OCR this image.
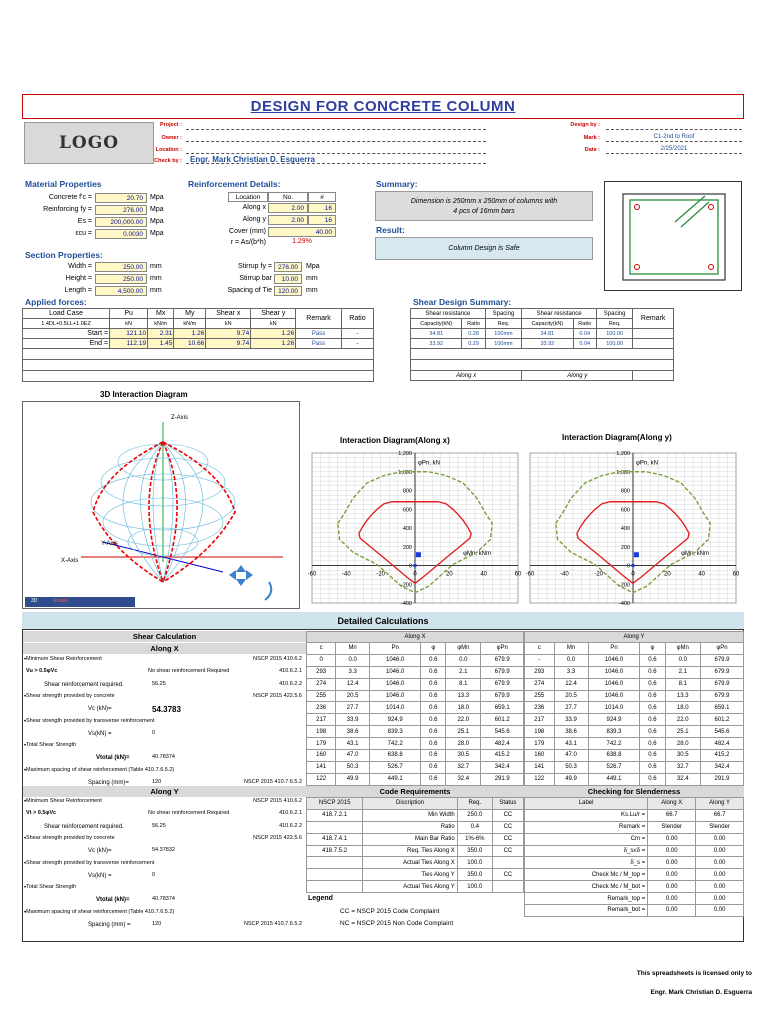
DESIGN FOR CONCRETE COLUMN
LOGO
Project :
Owner :
Location :
Check by : Engr. Mark Christian D. Esguerra
Design by :
Mark :	C1-2nd to Roof
Date :	2/25/2021
Material Properties
Concrete f'c =	20.70	Mpa
Reinforcing fy =	276.00	Mpa
Es =	200,000.00	Mpa
εcu =	0.0030	Mpa
Reinforcement Details:
Location	No.	#
Along x	2.00	16
Along y	2.00	16
Cover (mm)	40.00
r = As/(b*h)	1.29%
Summary:
Dimension is 250mm x 250mm of columns with
4 pcs of 16mm bars
Result:
Column Design is Safe
Section Properties:
Width =	250.00	mm
Height =	250.00	mm
Length =	4,500.00	mm
Stirrup fy = 276.00	Mpa
Stirrup bar	10.00	mm
Spacing of Tie 120.00	mm
Applied forces:
Load Case	Pu	Mx	My	Shear x	Shear y	Remark	Ratio
1.4DL+0.5LL+1.0EZ	kN	kN/m	kN/m	kN	kN		
Start =	121.10	2.31	1.26	9.74	1.26	Pass	-
End =	112.19	1.45	10.66	9.74	1.26	Pass	-

Shear Design Summary:
Shear resistance		Spacing	Shear resistance		Spacing	Remark
Capacity(kN)	Ratio	Req.	Capacity(kN)	Ratio	Req.	
34.81	0.28	100mm	34.81	0.04	100.00	
33.92	0.29	100mm	33.92	0.04	100.00	

Along x			Along y			
3D Interaction Diagram
Z-Axis
Y-Axis
X-Axis
3D	Rotate
Interaction Diagram(Along x)	Interaction Diagram(Along y)
-60	-40	-20	0	20	40	60
-400
-200
0
200
400
600
800
1,000
1,200
φPn, kN
φMn, kNm
-60	-40	-20	0	20	40	60
-400
-200
0
200
400
600
800
1,000
1,200
φPn, kN
φMn, kNm
Detailed Calculations
Shear Calculation
Along X
• Minimum Shear Reinforcement	NSCP 2015 410.6.2
Vu > 0.5φVc	No shear reinforcement Required	410.6.2.1
Shear reinforcement required.	56.25	410.6.2.2
• Shear strength provided by concrete	NSCP 2015 422.5.6
Vc (kN)=	54.3783
• Shear strength provided by transverse reinforcement
Vs(kN) =	0
• Total Shear Strength
Vtotal (kN)=	40.78374
• Maximum spacing of shear reinforcement (Table 410.7.6.5.2)
Spacing (mm)=	120	NSCP 2015 410.7.6.5.2
Along Y
• Minimum Shear Reinforcement	NSCP 2015 410.6.2
Vt > 0.5φVc	No shear reinforcement Required	410.6.2.1
Shear reinforcement required.	56.25	410.6.2.2
• Shear strength provided by concrete	NSCP 2015 422.5.6
Vc (kN)=	54.37832
• Shear strength provided by transverse reinforcement
Vs(kN) =	0
• Total Shear Strength
Vtotal (kN)=	40.78374
• Maximum spacing of shear reinforcement (Table 410.7.6.5.2)
Spacing (mm) =	120	NSCP 2015 410.7.6.5.2
Along X					
c	Mn	Pn	φ	φMn	φPn
0	0.0	1046.0	0.6	0.0	679.9
293	3.3	1046.0	0.6	2.1	679.9
274	12.4	1046.0	0.6	8.1	679.9
255	20.5	1046.0	0.6	13.3	679.9
236	27.7	1014.0	0.6	18.0	659.1
217	33.9	924.9	0.6	22.0	601.2
198	38.6	839.3	0.6	25.1	545.6
179	43.1	742.2	0.6	28.0	482.4
160	47.0	638.8	0.6	30.5	415.2
141	50.3	526.7	0.6	32.7	342.4
122	49.9	449.1	0.6	32.4	291.9
Along Y					
c	Mn	Pn	φ	φMn	φPn
-	0.0	1046.0	0.6	0.0	679.9
293	3.3	1046.0	0.6	2.1	679.9
274	12.4	1046.0	0.6	8.1	679.9
255	20.5	1046.0	0.6	13.3	679.9
236	27.7	1014.0	0.6	18.0	659.1
217	33.9	924.9	0.6	22.0	601.2
198	38.6	839.3	0.6	25.1	545.6
179	43.1	742.2	0.6	28.0	482.4
160	47.0	638.8	0.6	30.5	415.2
141	50.3	526.7	0.6	32.7	342.4
122	49.9	449.1	0.6	32.4	291.9
Code Requirements
NSCP 2015	Discription	Req.	Status
418.7.2.1	Min Width	250.0	CC
	Ratio	0.4	CC
418.7.4.1	Main Bar Ratio	1%-6%	CC
418.7.5.2	Req. Ties Along X	350.0	CC
	Actual Ties Along X	100.0	
	Ties Along Y	350.0	CC
	Actual Ties Along Y	100.0	
Legend
CC = NSCP 2015 Code Complaint
NC = NSCP 2015 Non Code Complaint
Checking for Slenderness
Label	Along X	Along Y
Ks.Lu/r =	66.7	66.7
Remark =	Slender	Slender
Cm =	0.00	0.00
δ_s≤δ =	0.00	0.00
δ_s =	0.00	0.00
Check Mc / M_top =	0.00	0.00
Check Mc / M_bot =	0.00	0.00
Remark_top =	0.00	0.00
Remark_bot =	0.00	0.00
This spreadsheets is licensed only to
Engr. Mark Christian D. Esguerra
